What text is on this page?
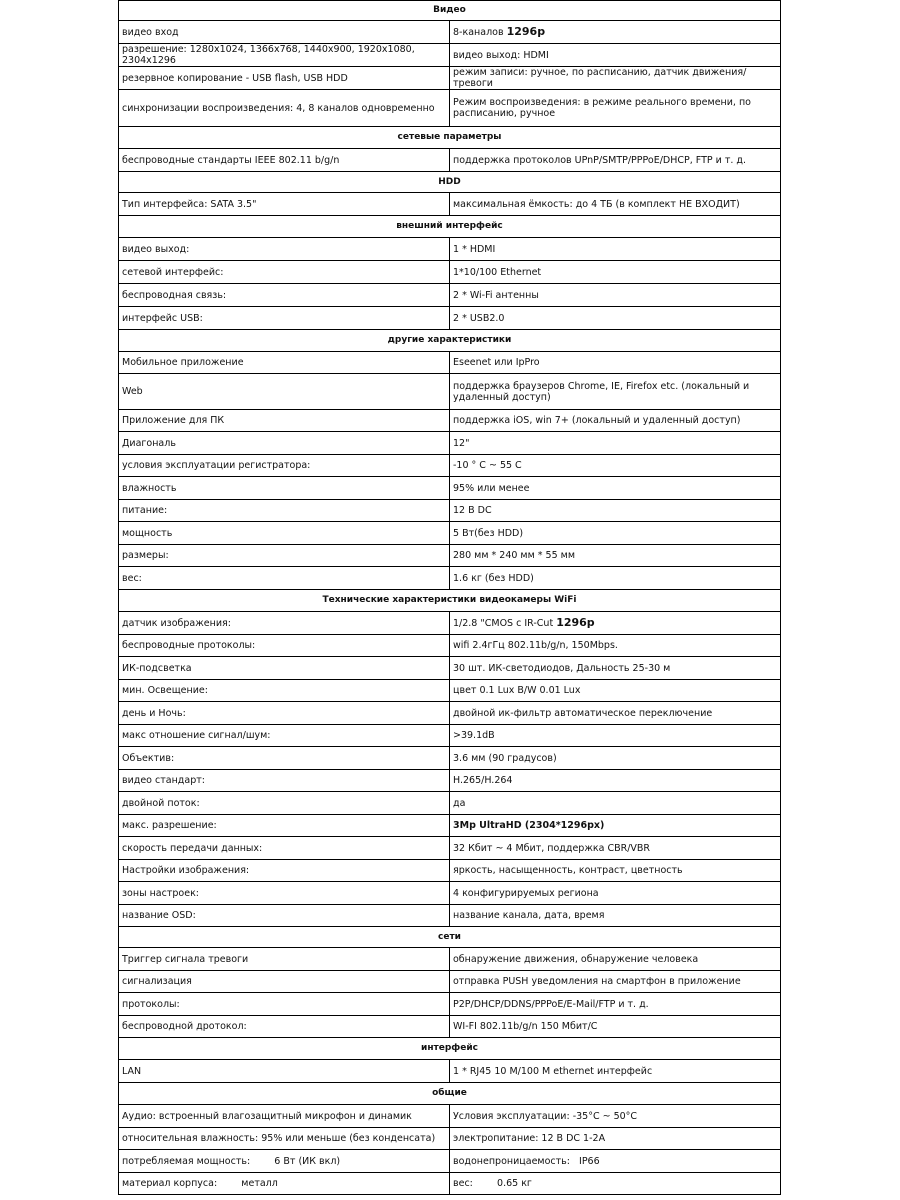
Видео	
видео вход	8-каналов 1296р
разрешение: 1280x1024, 1366x768, 1440x900, 1920x1080, 2304x1296	видео выход: HDMI
резервное копирование - USB flash, USB HDD	режим записи: ручное, по расписанию, датчик движения/тревоги
синхронизации воспроизведения: 4, 8 каналов одновременно	Режим воспроизведения: в режиме реального времени, по расписанию, ручное
сетевые параметры	
беспроводные стандарты IEEE 802.11 b/g/n	поддержка протоколов UPnP/SMTP/PPPoE/DHCP, FTP и т. д.
HDD	
Тип интерфейса: SATA 3.5"	максимальная ёмкость: до 4 ТБ (в комплект НЕ ВХОДИТ)
внешний интерфейс	
видео выход:	1 * HDMI
сетевой интерфейс:	1*10/100 Ethernet
беспроводная связь:	2 * Wi-Fi антенны
интерфейс USB:	2 * USB2.0
другие характеристики	
Мобильное приложение	Eseenet или IpPro
Web	поддержка браузеров Chrome, IE, Firefox etc. (локальный и удаленный доступ)
Приложение для ПК	поддержка iOS, win 7+ (локальный и удаленный доступ)
Диагональ	12"
условия эксплуатации регистратора:	-10 ° C ~ 55 C
влажность	95% или менее
питание:	12 В DC
мощность	5 Вт(без HDD)
размеры:	280 мм * 240 мм * 55 мм
вес:	1.6 кг (без HDD)
Технические характеристики видеокамеры WiFi	
датчик изображения:	1/2.8 "CMOS с IR-Cut 1296р
беспроводные протоколы:	wifi 2.4гГц 802.11b/g/n, 150Mbps.
ИК-подсветка	30 шт. ИК-светодиодов, Дальность 25-30 м
мин. Освещение:	цвет 0.1 Lux B/W 0.01 Lux
день и Ночь:	двойной ик-фильтр автоматическое переключение
макс отношение сигнал/шум:	>39.1dB
Объектив:	3.6 мм (90 градусов)
видео стандарт:	H.265/H.264
двойной поток:	да
макс. разрешение:	3Mp UltraHD (2304*1296px)
скорость передачи данных:	32 Кбит ~ 4 Мбит, поддержка CBR/VBR
Настройки изображения:	яркость, насыщенность, контраст, цветность
зоны настроек:	4 конфигурируемых региона
название OSD:	название канала, дата, время
сети	
Триггер сигнала тревоги	обнаружение движения, обнаружение человека
сигнализация	отправка PUSH уведомления на смартфон в приложение
протоколы:	P2P/DHCP/DDNS/PPPoE/E-Mail/FTP и т. д.
беспроводной дротокол:	WI-FI 802.11b/g/n 150 Мбит/С
интерфейс	
LAN	1 * RJ45 10 M/100 M ethernet интерфейс
общие	
Аудио: встроенный влагозащитный микрофон и динамик	Условия эксплуатации: -35°C ~ 50°C
относительная влажность: 95% или меньше (без конденсата)	электропитание: 12 В DC 1-2A
потребляемая мощность:        6 Вт (ИК вкл)	водонепроницаемость:   IP66
материал корпуса:        металл	вес:        0.65 кг
